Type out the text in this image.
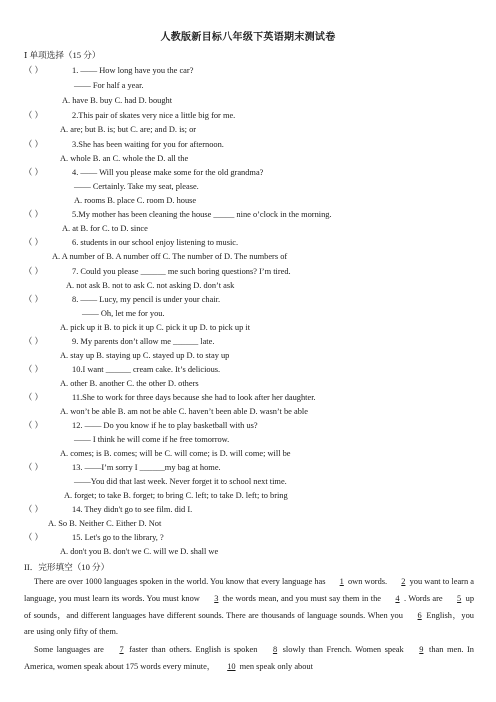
人教版新目标八年级下英语期末测试卷
Ⅰ 单项选择（15 分）
（ ）	1. —— How long have you the car?
—— For half a year.
A. have B. buy C. had D. bought
（ ）	2.This pair of skates very nice a little big for me.
A. are; but B. is; but C. are; and D. is; or
（ ）	3.She has been waiting for you for afternoon.
A. whole B. an C. whole the D. all the
（ ）	4. —— Will you please make some for the old grandma?
—— Certainly. Take my seat, please.
A. rooms B. place C. room D. house
（ ）	5.My mother has been cleaning the house _____ nine o’clock in the morning.
A. at B. for C. to D. since
（ ）	6. students in our school enjoy listening to music.
A. A number of B. A number off C. The number of D. The numbers of
（ ）	7. Could you please ______ me such boring questions? I’m tired.
A. not ask B. not to ask C. not asking D. don’t ask
（ ）	8. —— Lucy, my pencil is under your chair.
—— Oh, let me for you.
A. pick up it B. to pick it up C. pick it up D. to pick up it
（ ）	9. My parents don’t allow me ______ late.
A. stay up B. staying up C. stayed up D. to stay up
（ ）	10.I want ______ cream cake. It’s delicious.
A. other B. another C. the other D. others
（ ）	11.She to work for three days because she had to look after her daughter.
A. won’t be able B. am not be able C. haven’t been able D. wasn’t be able
（ ）	12. —— Do you know if he to play basketball with us?
—— I think he will come if he free tomorrow.
A. comes; is B. comes; will be C. will come; is D. will come; will be
（ ）	13. ——I’m sorry I ______my bag at home.
——You did that last week. Never forget it to school next time.
A. forget; to take B. forget; to bring C. left; to take D. left; to bring
（ ）	14. They didn't go to see film. did I.
A. So B. Neither C. Either D. Not
（ ）	15. Let's go to the library, ?
A. don't you B. don't we C. will we D. shall we
II．完形填空（10 分）
There are over 1000 languages spoken in the world. You know that every language has 1 own words. 2 you want to learn a language, you must learn its words. You must know 3 the words mean, and you must say them in the 4 . Words are 5 up of sounds，and different languages have different sounds. There are thousands of language sounds. When you 6 English，you are using only fifty of them.
Some languages are 7 faster than others. English is spoken 8 slowly than French. Women speak 9 than men. In America, women speak about 175 words every minute， 10 men speak only about
